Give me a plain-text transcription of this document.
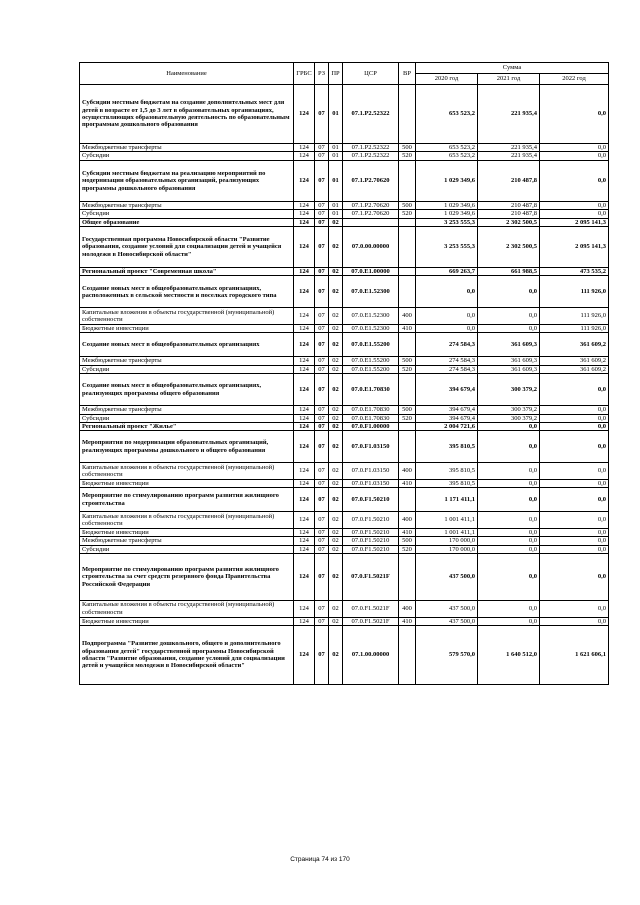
Наименование	ГРБС	РЗ	ПР	ЦСР	ВР	Сумма		
						2020 год	2021 год	2022 год
Субсидии местным бюджетам на создание дополнительных мест для детей в возрасте от 1,5 до 3 лет в образовательных организациях, осуществляющих образовательную деятельность по образовательным программам дошкольного образования	124	07	01	07.1.P2.52322		653 523,2	221 935,4	0,0
Межбюджетные трансферты	124	07	01	07.1.P2.52322	500	653 523,2	221 935,4	0,0
Субсидии	124	07	01	07.1.P2.52322	520	653 523,2	221 935,4	0,0
Субсидии местным бюджетам на реализацию мероприятий по модернизации образовательных организаций, реализующих программы дошкольного образования	124	07	01	07.1.P2.70620		1 029 349,6	210 487,8	0,0
Межбюджетные трансферты	124	07	01	07.1.P2.70620	500	1 029 349,6	210 487,8	0,0
Субсидии	124	07	01	07.1.P2.70620	520	1 029 349,6	210 487,8	0,0
Общее образование	124	07	02			3 253 555,3	2 302 500,5	2 095 141,3
Государственная программа Новосибирской области "Развитие образования, создание условий для социализации детей и учащейся молодежи в Новосибирской области"	124	07	02	07.0.00.00000		3 253 555,3	2 302 500,5	2 095 141,3
Региональный проект "Современная школа"	124	07	02	07.0.E1.00000		669 263,7	661 988,5	473 535,2
Создание новых мест в общеобразовательных организациях, расположенных в сельской местности и поселках городского типа	124	07	02	07.0.E1.52300		0,0	0,0	111 926,0
Капитальные вложения в объекты государственной (муниципальной) собственности	124	07	02	07.0.E1.52300	400	0,0	0,0	111 926,0
Бюджетные инвестиции	124	07	02	07.0.E1.52300	410	0,0	0,0	111 926,0
Создание новых мест в общеобразовательных организациях	124	07	02	07.0.E1.55200		274 584,3	361 609,3	361 609,2
Межбюджетные трансферты	124	07	02	07.0.E1.55200	500	274 584,3	361 609,3	361 609,2
Субсидии	124	07	02	07.0.E1.55200	520	274 584,3	361 609,3	361 609,2
Создание новых мест в общеобразовательных организациях, реализующих программы общего образования	124	07	02	07.0.E1.70830		394 679,4	300 379,2	0,0
Межбюджетные трансферты	124	07	02	07.0.E1.70830	500	394 679,4	300 379,2	0,0
Субсидии	124	07	02	07.0.E1.70830	520	394 679,4	300 379,2	0,0
Региональный проект "Жилье"	124	07	02	07.0.F1.00000		2 004 721,6	0,0	0,0
Мероприятия по модернизации образовательных организаций, реализующих программы дошкольного и общего образования	124	07	02	07.0.F1.03150		395 810,5	0,0	0,0
Капитальные вложения в объекты государственной (муниципальной) собственности	124	07	02	07.0.F1.03150	400	395 810,5	0,0	0,0
Бюджетные инвестиции	124	07	02	07.0.F1.03150	410	395 810,5	0,0	0,0
Мероприятие по стимулированию программ развития жилищного строительства	124	07	02	07.0.F1.50210		1 171 411,1	0,0	0,0
Капитальные вложения в объекты государственной (муниципальной) собственности	124	07	02	07.0.F1.50210	400	1 001 411,1	0,0	0,0
Бюджетные инвестиции	124	07	02	07.0.F1.50210	410	1 001 411,1	0,0	0,0
Межбюджетные трансферты	124	07	02	07.0.F1.50210	500	170 000,0	0,0	0,0
Субсидии	124	07	02	07.0.F1.50210	520	170 000,0	0,0	0,0
Мероприятие по стимулированию программ развития жилищного строительства за счет средств резервного фонда Правительства Российской Федерации	124	07	02	07.0.F1.5021F		437 500,0	0,0	0,0
Капитальные вложения в объекты государственной (муниципальной) собственности	124	07	02	07.0.F1.5021F	400	437 500,0	0,0	0,0
Бюджетные инвестиции	124	07	02	07.0.F1.5021F	410	437 500,0	0,0	0,0
Подпрограмма "Развитие дошкольного, общего и дополнительного образования детей" государственной программы Новосибирской области "Развитие образования, создание условий для социализации детей и учащейся молодежи в Новосибирской области"	124	07	02	07.1.00.00000		579 570,0	1 640 512,0	1 621 606,1
Страница 74 из 170
